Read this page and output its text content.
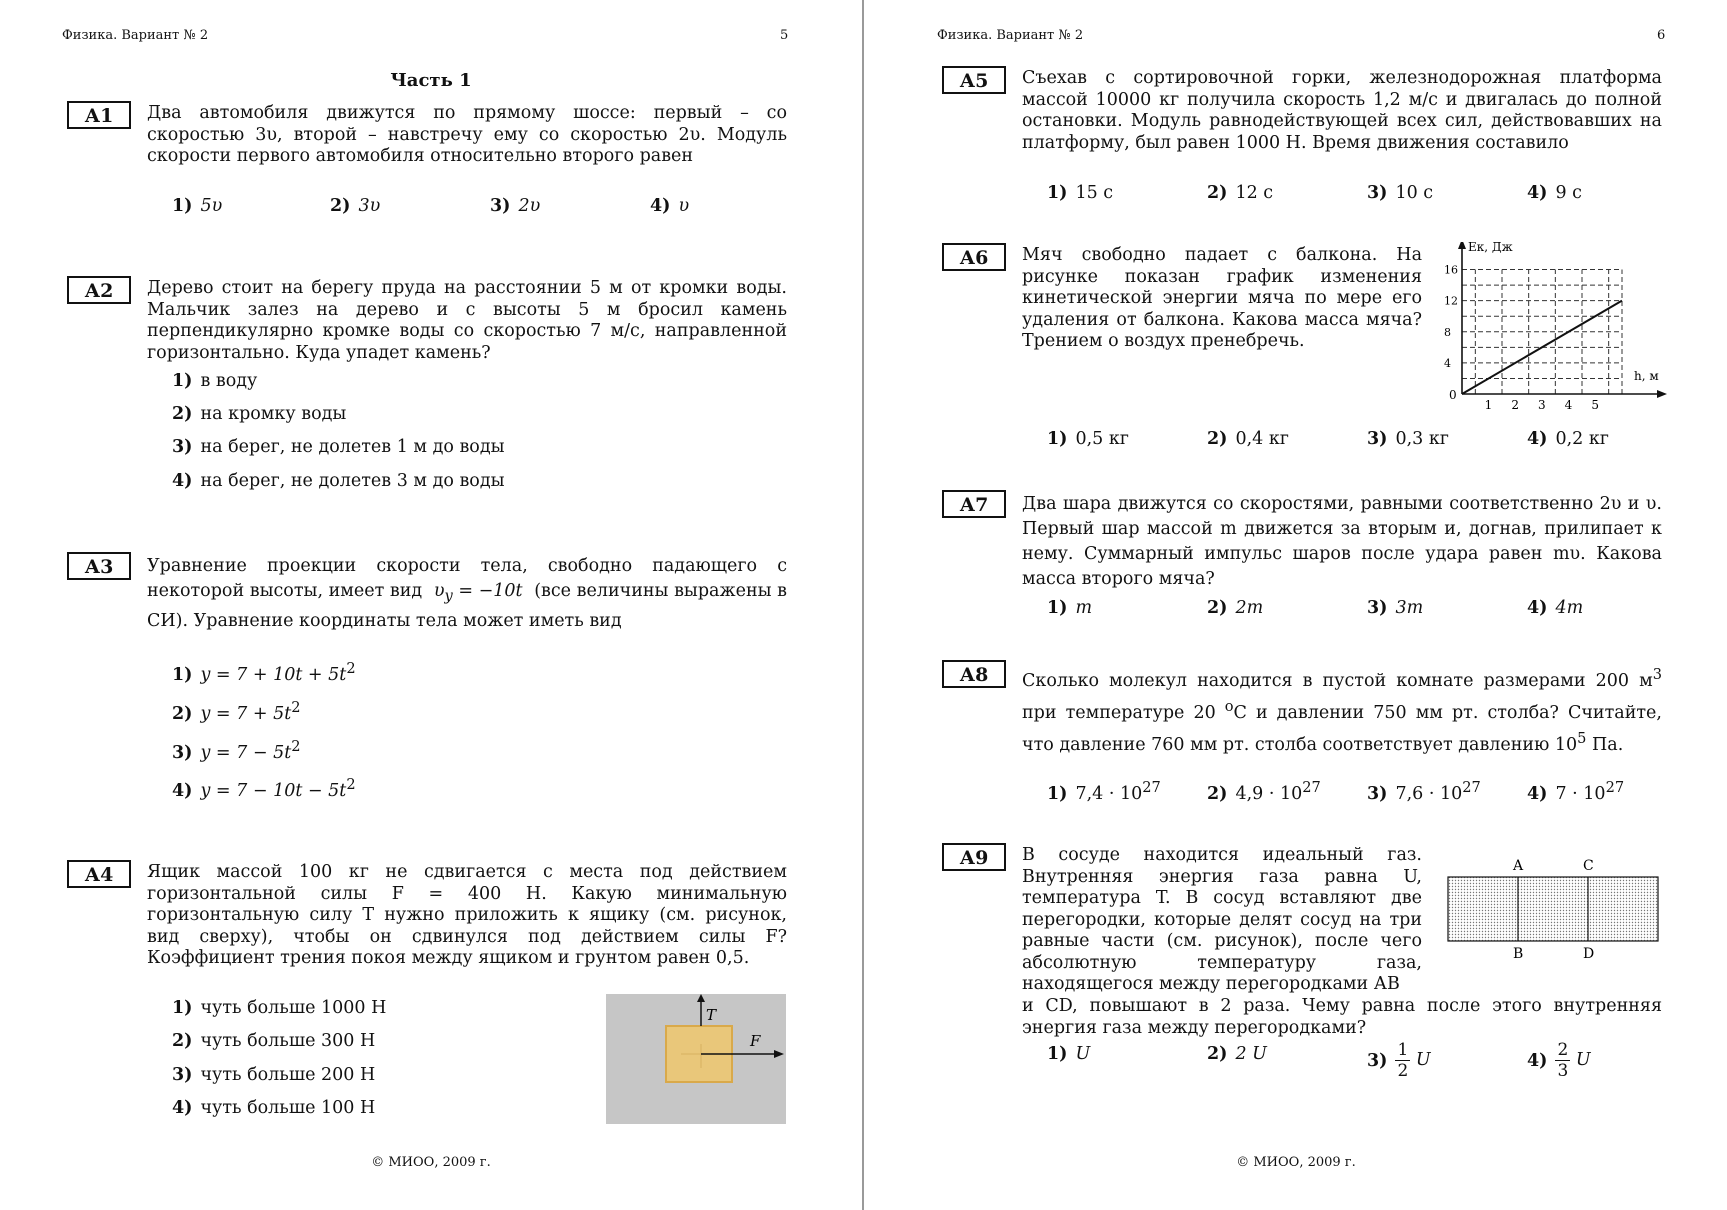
Физика. Вариант № 2	5
Часть 1
А1	Два автомобиля движутся по прямому шоссе: первый – со скоростью 3υ, второй – навстречу ему со скоростью 2υ. Модуль скорости первого автомобиля относительно второго равен
1) 5υ	2) 3υ	3) 2υ	4) υ
А2	Дерево стоит на берегу пруда на расстоянии 5 м от кромки воды. Мальчик залез на дерево и с высоты 5 м бросил камень перпендикулярно кромке воды со скоростью 7 м/с, направленной горизонтально. Куда упадет камень?
1) в воду
2) на кромку воды
3) на берег, не долетев 1 м до воды
4) на берег, не долетев 3 м до воды
А3	Уравнение проекции скорости тела, свободно падающего с некоторой высоты, имеет вид $\upsilon_y = -10t$ (все величины выражены в СИ). Уравнение координаты тела может иметь вид
1) $y = 7 + 10t + 5t^2$
2) $y = 7 + 5t^2$
3) $y = 7 - 5t^2$
4) $y = 7 - 10t - 5t^2$
А4	Ящик массой 100 кг не сдвигается с места под действием горизонтальной силы F = 400 Н. Какую минимальную горизонтальную силу T нужно приложить к ящику (см. рисунок, вид сверху), чтобы он сдвинулся под действием силы F? Коэффициент трения покоя между ящиком и грунтом равен 0,5.
1) чуть больше 1000 Н
2) чуть больше 300 Н
3) чуть больше 200 Н
4) чуть больше 100 Н
T
F
© МИОО, 2009 г.
Физика. Вариант № 2	6
А5	Съехав с сортировочной горки, железнодорожная платформа массой 10000 кг получила скорость 1,2 м/с и двигалась до полной остановки. Модуль равнодействующей всех сил, действовавших на платформу, был равен 1000 Н. Время движения составило
1) 15 с	2) 12 с	3) 10 с	4) 9 с
А6	Мяч свободно падает с балкона. На рисунке показан график изменения кинетической энергии мяча по мере его удаления от балкона. Какова масса мяча? Трением о воздух пренебречь.
1 2 3 4 5
0
4
8
12
16
Eк, Дж
h, м
1) 0,5 кг	2) 0,4 кг	3) 0,3 кг	4) 0,2 кг
А7	Два шара движутся со скоростями, равными соответственно 2υ и υ. Первый шар массой m движется за вторым и, догнав, прилипает к нему. Суммарный импульс шаров после удара равен mυ. Какова масса второго мяча?
1) m	2) 2m	3) 3m	4) 4m
А8	Сколько молекул находится в пустой комнате размерами 200 $м^3$ при температуре 20 $^о$С и давлении 750 мм рт. столба? Считайте, что давление 760 мм рт. столба соответствует давлению $10^5$ Па.
1) $7,4 \cdot 10^{27}$	2) $4,9 \cdot 10^{27}$	3) $7,6 \cdot 10^{27}$	4) $7 \cdot 10^{27}$
А9	В сосуде находится идеальный газ. Внутренняя энергия газа равна U, температура T. В сосуд вставляют две перегородки, которые делят сосуд на три равные части (см. рисунок), после чего абсолютную температуру газа, находящегося между перегородками АВ
и CD, повышают в 2 раза. Чему равна после этого внутренняя энергия газа между перегородками?
A	C
B	D
1) U	2) 2 U	$3) \frac{1}{2}$ U	$4) \frac{2}{3}$ U
© МИОО, 2009 г.
